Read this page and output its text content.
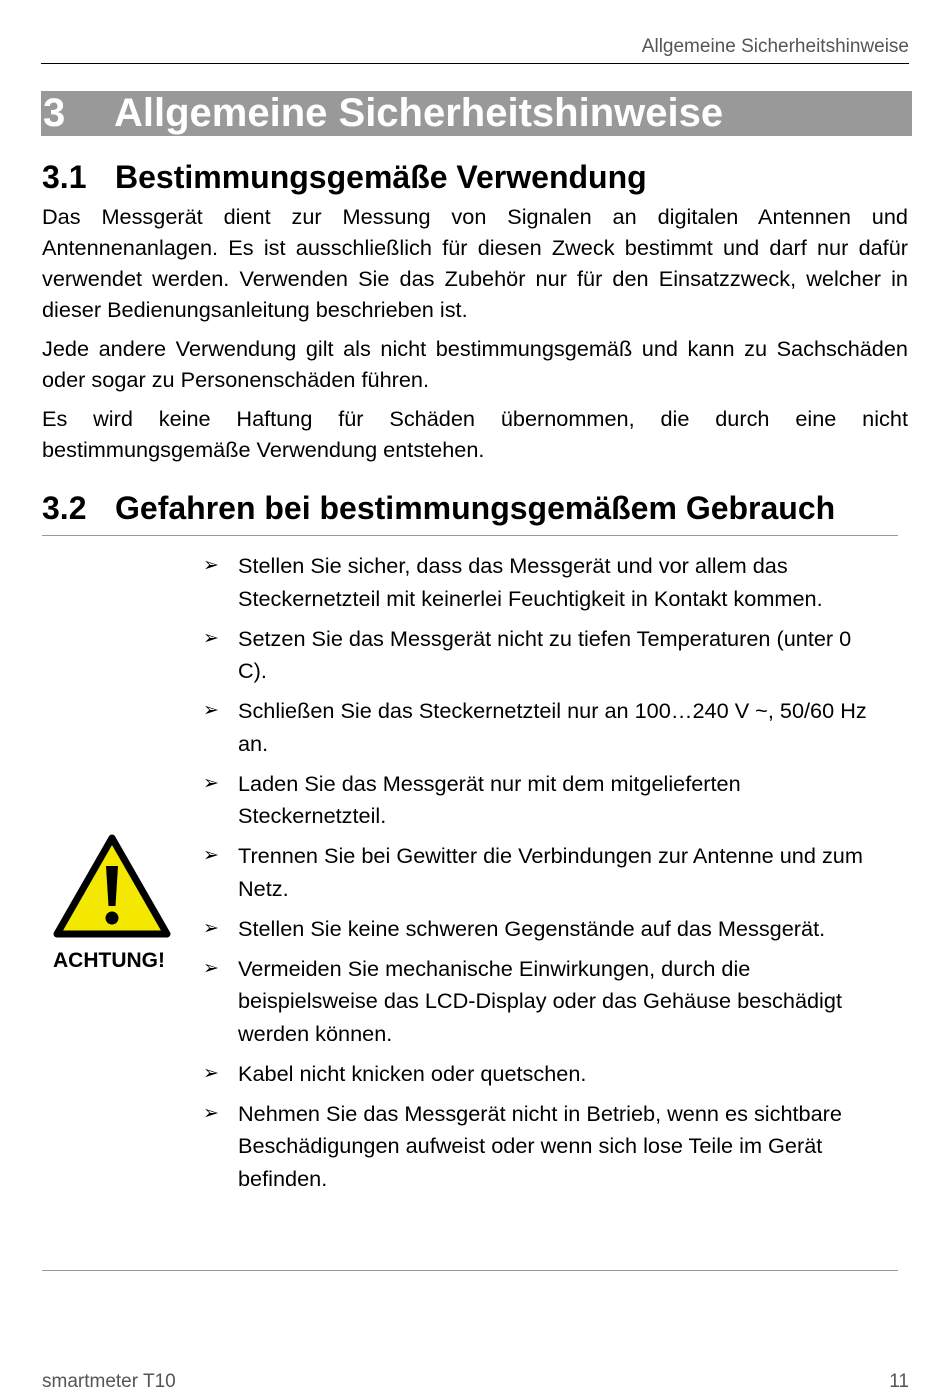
Allgemeine Sicherheitshinweise
3 Allgemeine Sicherheitshinweise
3.1 Bestimmungsgemäße Verwendung

Das Messgerät dient zur Messung von Signalen an digitalen Antennen und Antennenanlagen. Es ist ausschließlich für diesen Zweck bestimmt und darf nur dafür verwendet werden. Verwenden Sie das Zubehör nur für den Einsatzzweck, welcher in dieser Bedienungsanleitung beschrieben ist.

Jede andere Verwendung gilt als nicht bestimmungsgemäß und kann zu Sachschäden oder sogar zu Personenschäden führen.

Es wird keine Haftung für Schäden übernommen, die durch eine nicht bestimmungsgemäße Verwendung entstehen.

3.2 Gefahren bei bestimmungsgemäßem Gebrauch
ACHTUNG!
➢ Stellen Sie sicher, dass das Messgerät und vor allem das Steckernetzteil mit keinerlei Feuchtigkeit in Kontakt kommen.
➢ Setzen Sie das Messgerät nicht zu tiefen Temperaturen (unter 0 C).
➢ Schließen Sie das Steckernetzteil nur an 100…240 V ~, 50/60 Hz an.
➢ Laden Sie das Messgerät nur mit dem mitgelieferten Steckernetzteil.
➢ Trennen Sie bei Gewitter die Verbindungen zur Antenne und zum Netz.
➢ Stellen Sie keine schweren Gegenstände auf das Messgerät.
➢ Vermeiden Sie mechanische Einwirkungen, durch die beispielsweise das LCD-Display oder das Gehäuse beschädigt werden können.
➢ Kabel nicht knicken oder quetschen.
➢ Nehmen Sie das Messgerät nicht in Betrieb, wenn es sichtbare Beschädigungen aufweist oder wenn sich lose Teile im Gerät befinden.
smartmeter T10	11
